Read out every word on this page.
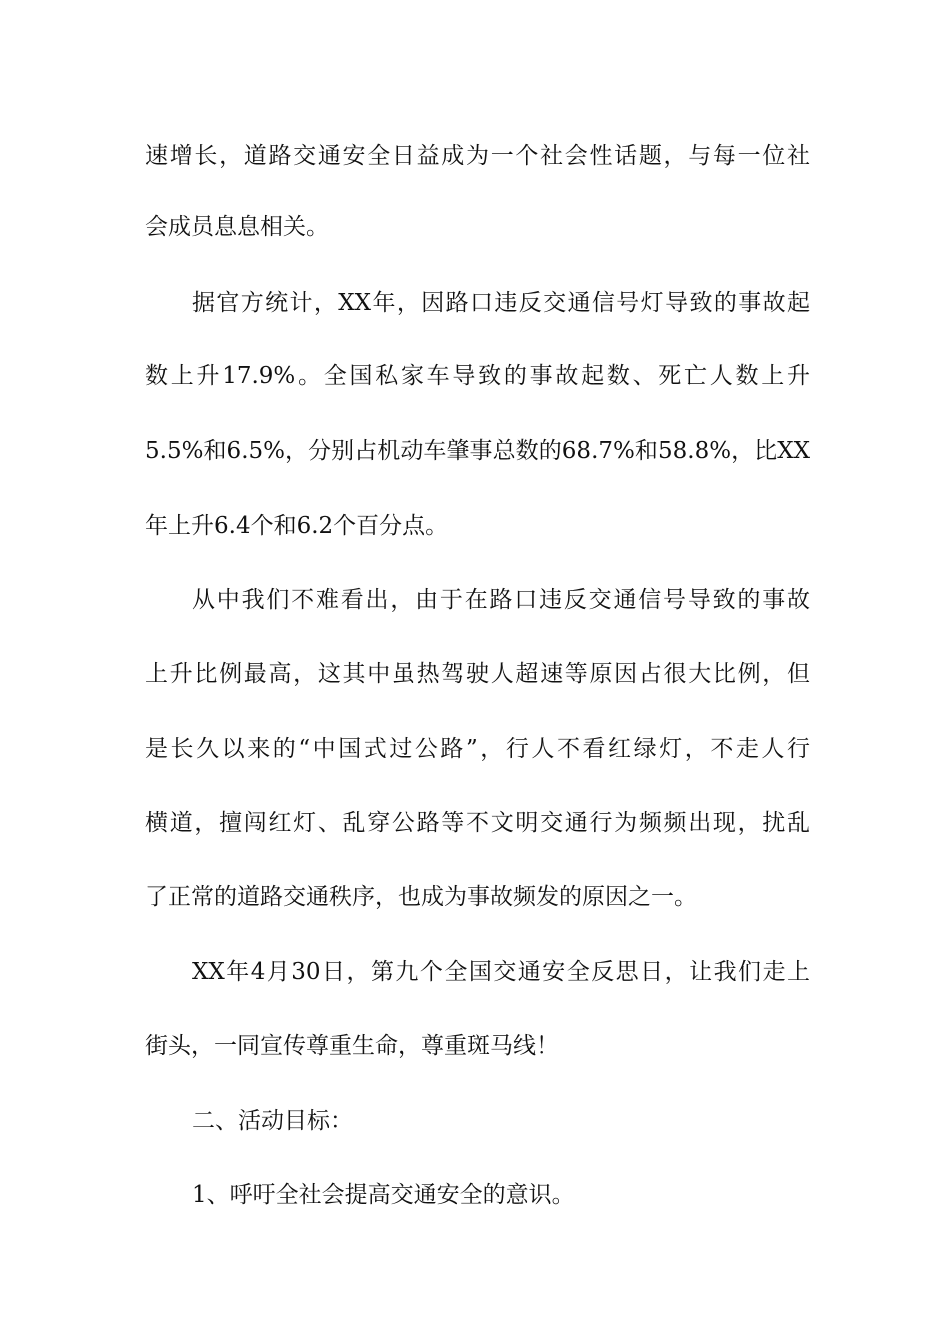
速增长，道路交通安全日益成为一个社会性话题，与每一位社
会成员息息相关。
据官方统计，XX年，因路口违反交通信号灯导致的事故起
数上升17.9%。全国私家车导致的事故起数、死亡人数上升
5.5%和6.5%，分别占机动车肇事总数的68.7%和58.8%，比XX
年上升6.4个和6.2个百分点。
从中我们不难看出，由于在路口违反交通信号导致的事故
上升比例最高，这其中虽热驾驶人超速等原因占很大比例，但
是长久以来的“中国式过公路”，行人不看红绿灯，不走人行
横道，擅闯红灯、乱穿公路等不文明交通行为频频出现，扰乱
了正常的道路交通秩序，也成为事故频发的原因之一。
XX年4月30日，第九个全国交通安全反思日，让我们走上
街头，一同宣传尊重生命，尊重斑马线！
二、活动目标：
1、呼吁全社会提高交通安全的意识。
